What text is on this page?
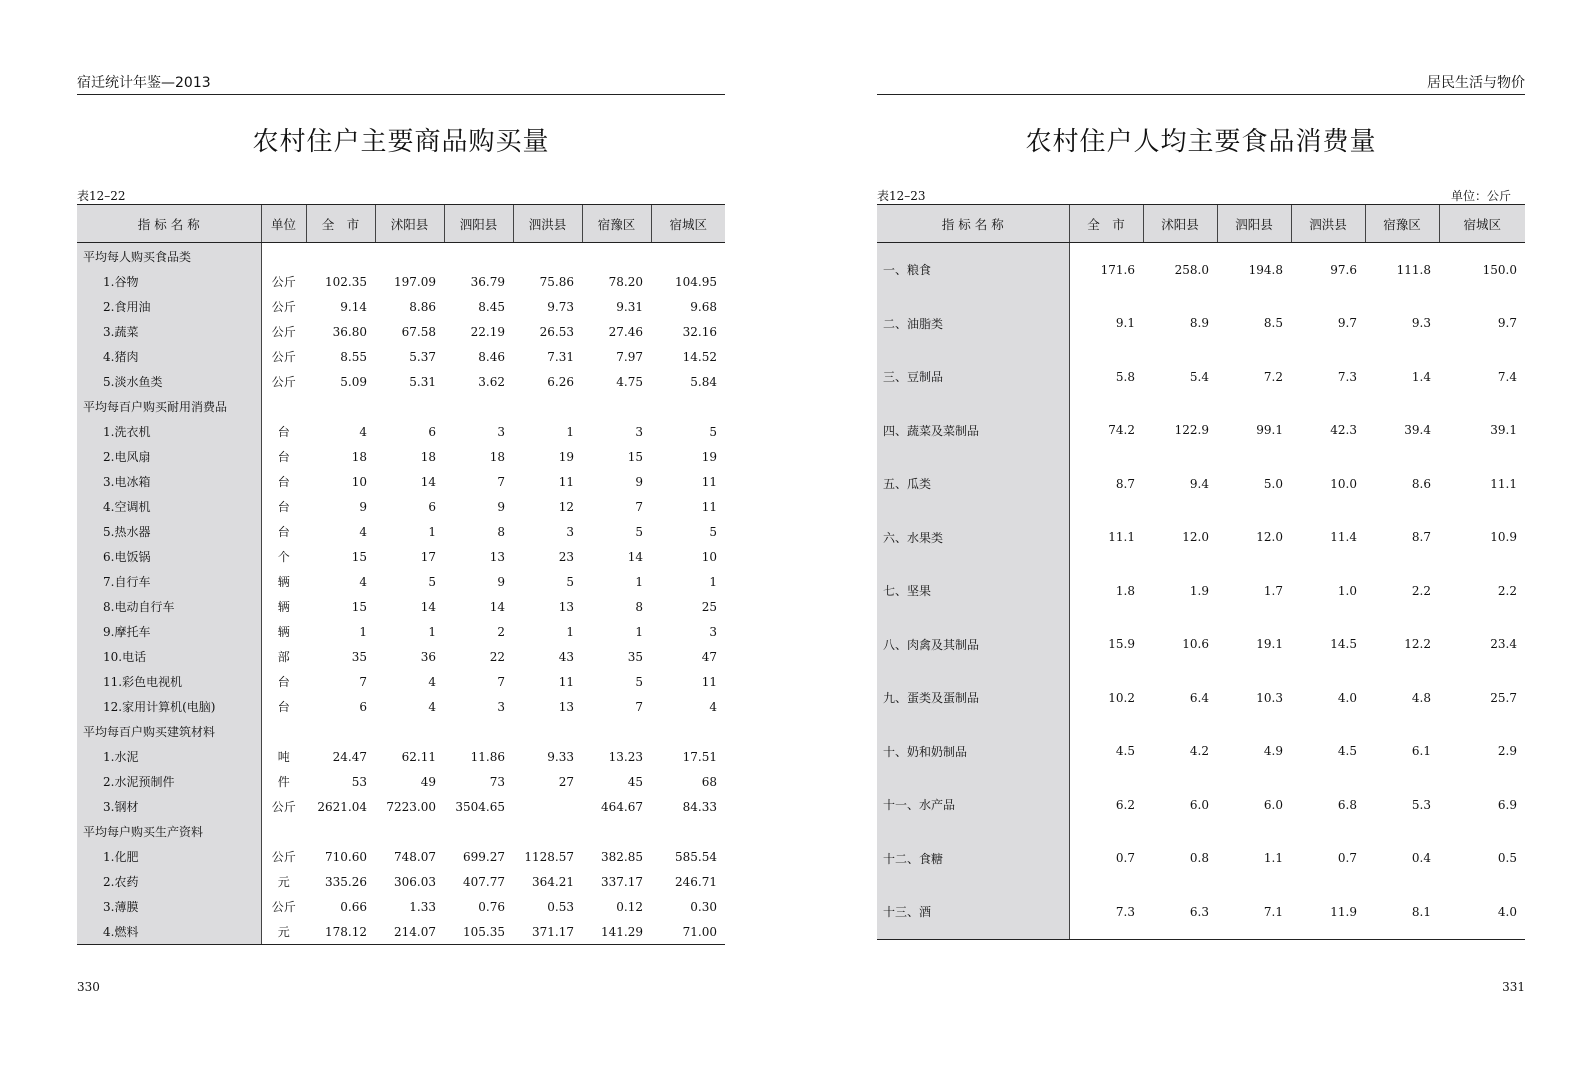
宿迁统计年鉴—2013
农村住户主要商品购买量
表12–22
指 标 名 称	单位	全　市	沭阳县	泗阳县	泗洪县	宿豫区	宿城区
平均每人购买食品类							
1.谷物	公斤	102.35	197.09	36.79	75.86	78.20	104.95
2.食用油	公斤	9.14	8.86	8.45	9.73	9.31	9.68
3.蔬菜	公斤	36.80	67.58	22.19	26.53	27.46	32.16
4.猪肉	公斤	8.55	5.37	8.46	7.31	7.97	14.52
5.淡水鱼类	公斤	5.09	5.31	3.62	6.26	4.75	5.84
平均每百户购买耐用消费品							
1.洗衣机	台	4	6	3	1	3	5
2.电风扇	台	18	18	18	19	15	19
3.电冰箱	台	10	14	7	11	9	11
4.空调机	台	9	6	9	12	7	11
5.热水器	台	4	1	8	3	5	5
6.电饭锅	个	15	17	13	23	14	10
7.自行车	辆	4	5	9	5	1	1
8.电动自行车	辆	15	14	14	13	8	25
9.摩托车	辆	1	1	2	1	1	3
10.电话	部	35	36	22	43	35	47
11.彩色电视机	台	7	4	7	11	5	11
12.家用计算机(电脑)	台	6	4	3	13	7	4
平均每百户购买建筑材料							
1.水泥	吨	24.47	62.11	11.86	9.33	13.23	17.51
2.水泥预制件	件	53	49	73	27	45	68
3.钢材	公斤	2621.04	7223.00	3504.65		464.67	84.33
平均每户购买生产资料							
1.化肥	公斤	710.60	748.07	699.27	1128.57	382.85	585.54
2.农药	元	335.26	306.03	407.77	364.21	337.17	246.71
3.薄膜	公斤	0.66	1.33	0.76	0.53	0.12	0.30
4.燃料	元	178.12	214.07	105.35	371.17	141.29	71.00
330
居民生活与物价
农村住户人均主要食品消费量
表12–23	单位：公斤
指 标 名 称	全　市	沭阳县	泗阳县	泗洪县	宿豫区	宿城区
一、粮食	171.6	258.0	194.8	97.6	111.8	150.0
二、油脂类	9.1	8.9	8.5	9.7	9.3	9.7
三、豆制品	5.8	5.4	7.2	7.3	1.4	7.4
四、蔬菜及菜制品	74.2	122.9	99.1	42.3	39.4	39.1
五、瓜类	8.7	9.4	5.0	10.0	8.6	11.1
六、水果类	11.1	12.0	12.0	11.4	8.7	10.9
七、坚果	1.8	1.9	1.7	1.0	2.2	2.2
八、肉禽及其制品	15.9	10.6	19.1	14.5	12.2	23.4
九、蛋类及蛋制品	10.2	6.4	10.3	4.0	4.8	25.7
十、奶和奶制品	4.5	4.2	4.9	4.5	6.1	2.9
十一、水产品	6.2	6.0	6.0	6.8	5.3	6.9
十二、食糖	0.7	0.8	1.1	0.7	0.4	0.5
十三、酒	7.3	6.3	7.1	11.9	8.1	4.0
331
